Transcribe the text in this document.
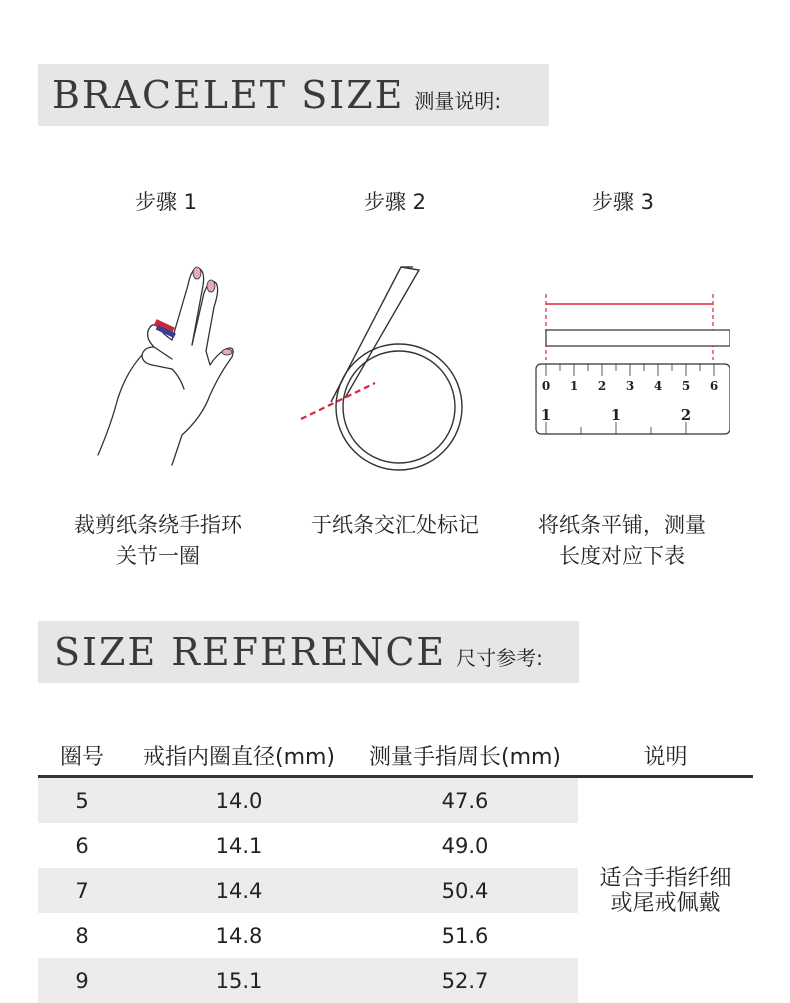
BRACELET SIZE 测量说明:
步骤 1	步骤 2	步骤 3
0 1 2 3 4 5 6
1	1	2
裁剪纸条绕手指环
关节一圈
于纸条交汇处标记	将纸条平铺，测量
长度对应下表
SIZE REFERENCE 尺寸参考:
圈号	戒指内圈直径(mm)	测量手指周长(mm)	说明
5	14.0	47.6	适合手指纤细
或尾戒佩戴

6	14.1	49.0	
7	14.4	50.4	
8	14.8	51.6	
9	15.1	52.7	
